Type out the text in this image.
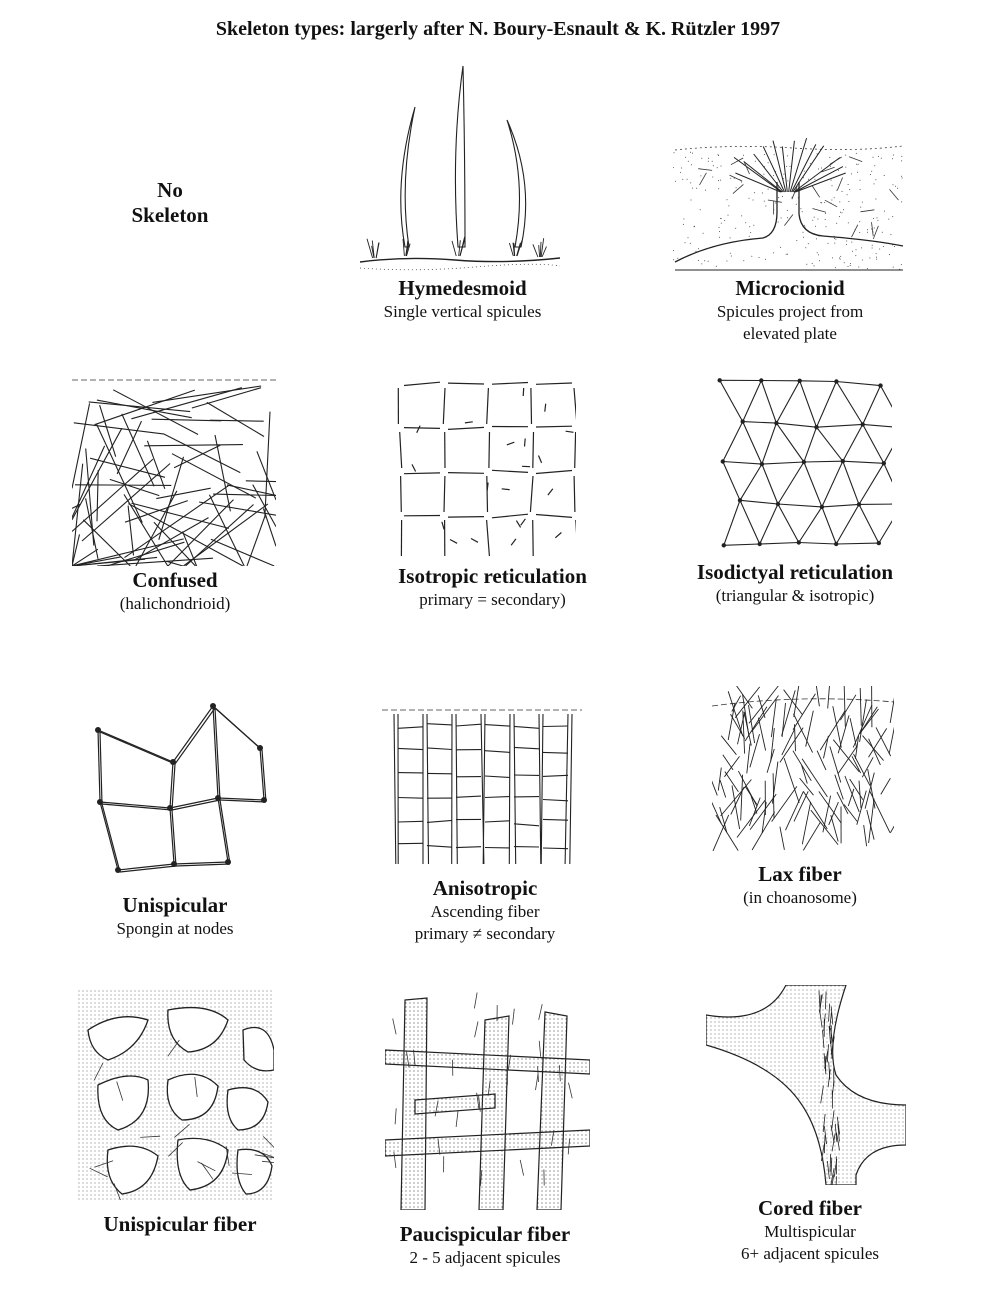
Skeleton types: largerly after N. Boury-Esnault & K. Rützler 1997
No
Skeleton
Hymedesmoid
Single vertical spicules
Microcionid
Spicules project from
elevated plate
Confused
(halichondrioid)
Isotropic reticulation
primary = secondary)
Isodictyal reticulation
(triangular & isotropic)
Unispicular
Spongin at nodes
Anisotropic
Ascending fiber
primary ≠ secondary
Lax fiber
(in choanosome)
Unispicular fiber	Paucispicular fiber
2 - 5 adjacent spicules
Cored fiber
Multispicular
6+ adjacent spicules
